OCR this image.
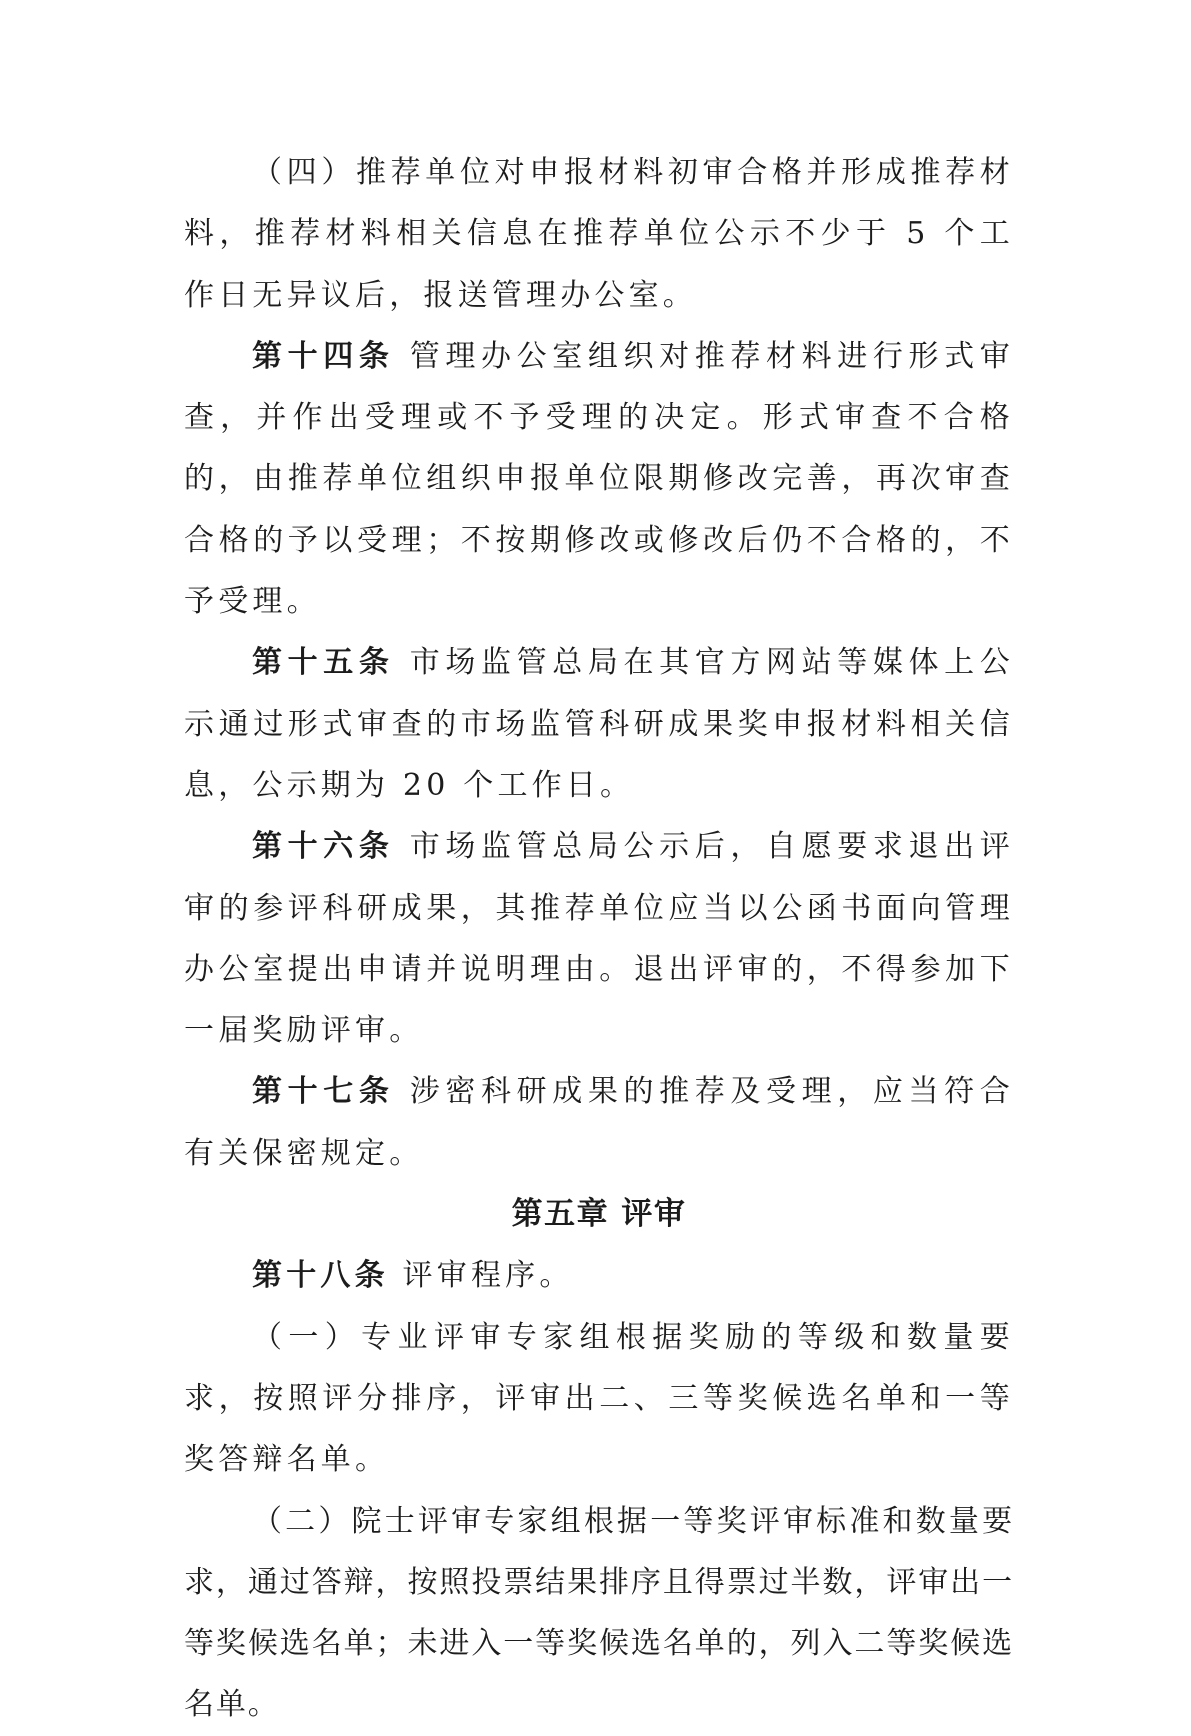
（四）推荐单位对申报材料初审合格并形成推荐材料，推荐材料相关信息在推荐单位公示不少于 5 个工作日无异议后，报送管理办公室。

第十四条 管理办公室组织对推荐材料进行形式审查，并作出受理或不予受理的决定。形式审查不合格的，由推荐单位组织申报单位限期修改完善，再次审查合格的予以受理；不按期修改或修改后仍不合格的，不予受理。

第十五条 市场监管总局在其官方网站等媒体上公示通过形式审查的市场监管科研成果奖申报材料相关信息，公示期为 20 个工作日。

第十六条 市场监管总局公示后，自愿要求退出评审的参评科研成果，其推荐单位应当以公函书面向管理办公室提出申请并说明理由。退出评审的，不得参加下一届奖励评审。

第十七条 涉密科研成果的推荐及受理，应当符合有关保密规定。

第五章 评审

第十八条 评审程序。

（一）专业评审专家组根据奖励的等级和数量要求，按照评分排序，评审出二、三等奖候选名单和一等奖答辩名单。

（二）院士评审专家组根据一等奖评审标准和数量要求，通过答辩，按照投票结果排序且得票过半数，评审出一等奖候选名单；未进入一等奖候选名单的，列入二等奖候选名单。
